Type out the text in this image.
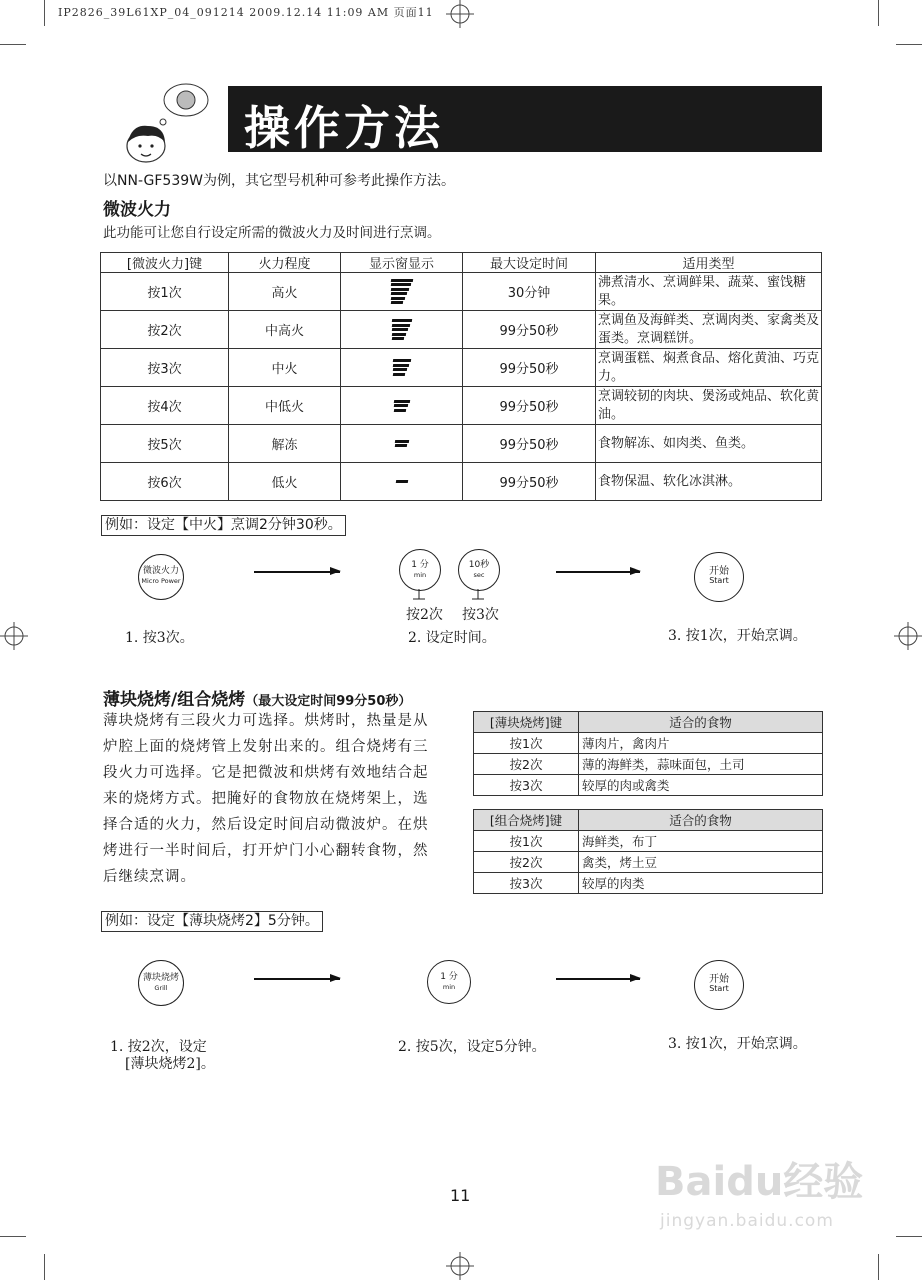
IP2826_39L61XP_04_091214 2009.12.14 11:09 AM 页面11
操作方法
以NN-GF539W为例，其它型号机种可参考此操作方法。
微波火力
此功能可让您自行设定所需的微波火力及时间进行烹调。
[微波火力]键	火力程度	显示窗显示	最大设定时间	适用类型
按1次	高火		30分钟	沸煮清水、烹调鲜果、蔬菜、蜜饯糖果。
按2次	中高火		99分50秒	烹调鱼及海鲜类、烹调肉类、家禽类及蛋类。烹调糕饼。
按3次	中火		99分50秒	烹调蛋糕、焖煮食品、熔化黄油、巧克力。
按4次	中低火		99分50秒	烹调较韧的肉块、煲汤或炖品、软化黄油。
按5次	解冻		99分50秒	食物解冻、如肉类、鱼类。
按6次	低火		99分50秒	食物保温、软化冰淇淋。
例如：设定【中火】烹调2分钟30秒。
微波火力
Micro Power
1 分
min
10秒
sec
按2次 按3次
开始
Start
1. 按3次。	2. 设定时间。	3. 按1次，开始烹调。
薄块烧烤/组合烧烤（最大设定时间99分50秒）
薄块烧烤有三段火力可选择。烘烤时，热量是从
炉腔上面的烧烤管上发射出来的。组合烧烤有三
段火力可选择。它是把微波和烘烤有效地结合起
来的烧烤方式。把腌好的食物放在烧烤架上，选
择合适的火力，然后设定时间启动微波炉。在烘
烤进行一半时间后，打开炉门小心翻转食物，然
后继续烹调。
[薄块烧烤]键	适合的食物
按1次	薄肉片，禽肉片
按2次	薄的海鲜类，蒜味面包，土司
按3次	较厚的肉或禽类
[组合烧烤]键	适合的食物
按1次	海鲜类，布丁
按2次	禽类，烤土豆
按3次	较厚的肉类
例如：设定【薄块烧烤2】5分钟。
薄块烧烤
Grill
1 分
min
开始
Start
1. 按2次，设定
[薄块烧烤2]。
2. 按5次，设定5分钟。	3. 按1次，开始烹调。
11	Baidu经验
jingyan.baidu.com
